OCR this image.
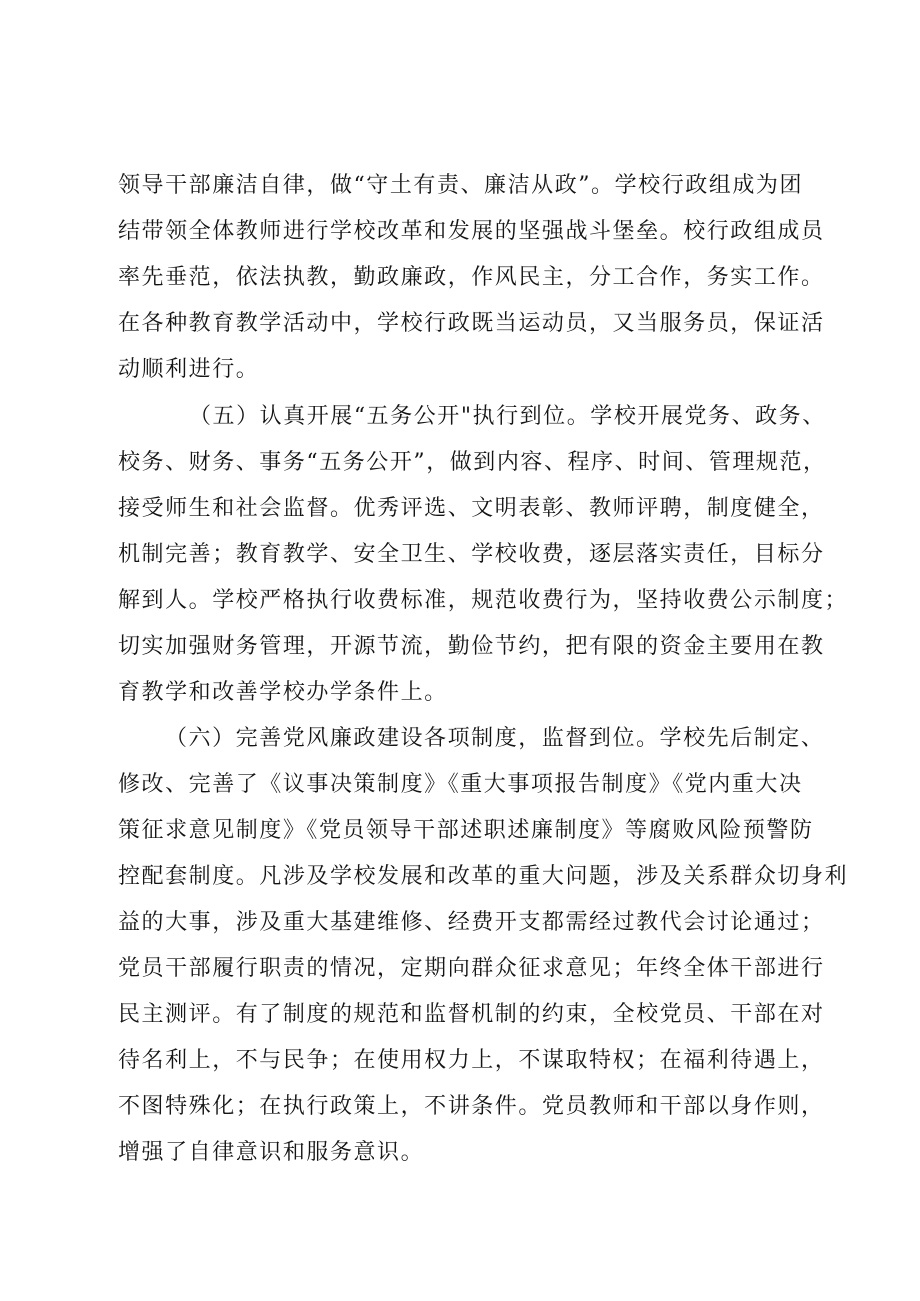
领导干部廉洁自律，做“守土有责、廉洁从政”。学校行政组成为团
结带领全体教师进行学校改革和发展的坚强战斗堡垒。校行政组成员
率先垂范，依法执教，勤政廉政，作风民主，分工合作，务实工作。
在各种教育教学活动中，学校行政既当运动员，又当服务员，保证活
动顺利进行。
（五）认真开展“五务公开"执行到位。学校开展党务、政务、
校务、财务、事务“五务公开”，做到内容、程序、时间、管理规范，
接受师生和社会监督。优秀评选、文明表彰、教师评聘，制度健全，
机制完善；教育教学、安全卫生、学校收费，逐层落实责任，目标分
解到人。学校严格执行收费标准，规范收费行为，坚持收费公示制度；
切实加强财务管理，开源节流，勤俭节约，把有限的资金主要用在教
育教学和改善学校办学条件上。
（六）完善党风廉政建设各项制度，监督到位。学校先后制定、
修改、完善了《议事决策制度》《重大事项报告制度》《党内重大决
策征求意见制度》《党员领导干部述职述廉制度》等腐败风险预警防
控配套制度。凡涉及学校发展和改革的重大问题，涉及关系群众切身利
益的大事，涉及重大基建维修、经费开支都需经过教代会讨论通过；
党员干部履行职责的情况，定期向群众征求意见；年终全体干部进行
民主测评。有了制度的规范和监督机制的约束，全校党员、干部在对
待名利上，不与民争；在使用权力上，不谋取特权；在福利待遇上，
不图特殊化；在执行政策上，不讲条件。党员教师和干部以身作则，
增强了自律意识和服务意识。
